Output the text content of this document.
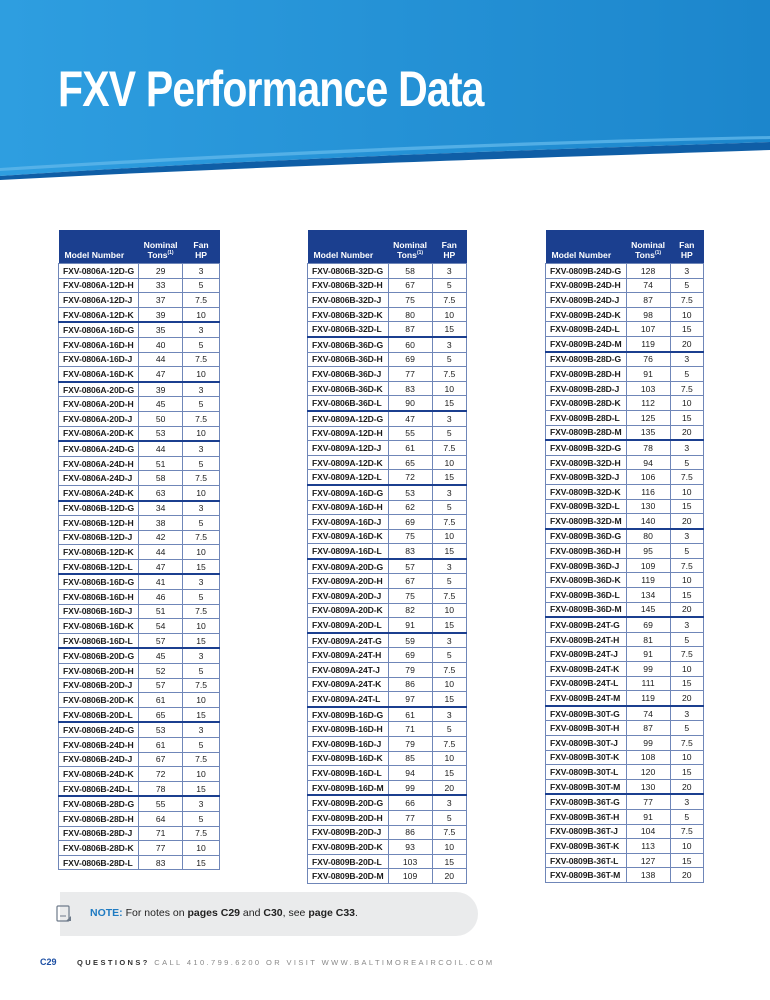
FXV Performance Data
Model Number	Nominal
Tons$^{(1)}$	Fan HP
FXV-0806A-12D-G	29	3
FXV-0806A-12D-H	33	5
FXV-0806A-12D-J	37	7.5
FXV-0806A-12D-K	39	10
FXV-0806A-16D-G	35	3
FXV-0806A-16D-H	40	5
FXV-0806A-16D-J	44	7.5
FXV-0806A-16D-K	47	10
FXV-0806A-20D-G	39	3
FXV-0806A-20D-H	45	5
FXV-0806A-20D-J	50	7.5
FXV-0806A-20D-K	53	10
FXV-0806A-24D-G	44	3
FXV-0806A-24D-H	51	5
FXV-0806A-24D-J	58	7.5
FXV-0806A-24D-K	63	10
FXV-0806B-12D-G	34	3
FXV-0806B-12D-H	38	5
FXV-0806B-12D-J	42	7.5
FXV-0806B-12D-K	44	10
FXV-0806B-12D-L	47	15
FXV-0806B-16D-G	41	3
FXV-0806B-16D-H	46	5
FXV-0806B-16D-J	51	7.5
FXV-0806B-16D-K	54	10
FXV-0806B-16D-L	57	15
FXV-0806B-20D-G	45	3
FXV-0806B-20D-H	52	5
FXV-0806B-20D-J	57	7.5
FXV-0806B-20D-K	61	10
FXV-0806B-20D-L	65	15
FXV-0806B-24D-G	53	3
FXV-0806B-24D-H	61	5
FXV-0806B-24D-J	67	7.5
FXV-0806B-24D-K	72	10
FXV-0806B-24D-L	78	15
FXV-0806B-28D-G	55	3
FXV-0806B-28D-H	64	5
FXV-0806B-28D-J	71	7.5
FXV-0806B-28D-K	77	10
FXV-0806B-28D-L	83	15
Model Number	Nominal
Tons$^{(1)}$	Fan HP
FXV-0806B-32D-G	58	3
FXV-0806B-32D-H	67	5
FXV-0806B-32D-J	75	7.5
FXV-0806B-32D-K	80	10
FXV-0806B-32D-L	87	15
FXV-0806B-36D-G	60	3
FXV-0806B-36D-H	69	5
FXV-0806B-36D-J	77	7.5
FXV-0806B-36D-K	83	10
FXV-0806B-36D-L	90	15
FXV-0809A-12D-G	47	3
FXV-0809A-12D-H	55	5
FXV-0809A-12D-J	61	7.5
FXV-0809A-12D-K	65	10
FXV-0809A-12D-L	72	15
FXV-0809A-16D-G	53	3
FXV-0809A-16D-H	62	5
FXV-0809A-16D-J	69	7.5
FXV-0809A-16D-K	75	10
FXV-0809A-16D-L	83	15
FXV-0809A-20D-G	57	3
FXV-0809A-20D-H	67	5
FXV-0809A-20D-J	75	7.5
FXV-0809A-20D-K	82	10
FXV-0809A-20D-L	91	15
FXV-0809A-24T-G	59	3
FXV-0809A-24T-H	69	5
FXV-0809A-24T-J	79	7.5
FXV-0809A-24T-K	86	10
FXV-0809A-24T-L	97	15
FXV-0809B-16D-G	61	3
FXV-0809B-16D-H	71	5
FXV-0809B-16D-J	79	7.5
FXV-0809B-16D-K	85	10
FXV-0809B-16D-L	94	15
FXV-0809B-16D-M	99	20
FXV-0809B-20D-G	66	3
FXV-0809B-20D-H	77	5
FXV-0809B-20D-J	86	7.5
FXV-0809B-20D-K	93	10
FXV-0809B-20D-L	103	15
FXV-0809B-20D-M	109	20
Model Number	Nominal
Tons$^{(1)}$	Fan HP
FXV-0809B-24D-G	128	3
FXV-0809B-24D-H	74	5
FXV-0809B-24D-J	87	7.5
FXV-0809B-24D-K	98	10
FXV-0809B-24D-L	107	15
FXV-0809B-24D-M	119	20
FXV-0809B-28D-G	76	3
FXV-0809B-28D-H	91	5
FXV-0809B-28D-J	103	7.5
FXV-0809B-28D-K	112	10
FXV-0809B-28D-L	125	15
FXV-0809B-28D-M	135	20
FXV-0809B-32D-G	78	3
FXV-0809B-32D-H	94	5
FXV-0809B-32D-J	106	7.5
FXV-0809B-32D-K	116	10
FXV-0809B-32D-L	130	15
FXV-0809B-32D-M	140	20
FXV-0809B-36D-G	80	3
FXV-0809B-36D-H	95	5
FXV-0809B-36D-J	109	7.5
FXV-0809B-36D-K	119	10
FXV-0809B-36D-L	134	15
FXV-0809B-36D-M	145	20
FXV-0809B-24T-G	69	3
FXV-0809B-24T-H	81	5
FXV-0809B-24T-J	91	7.5
FXV-0809B-24T-K	99	10
FXV-0809B-24T-L	111	15
FXV-0809B-24T-M	119	20
FXV-0809B-30T-G	74	3
FXV-0809B-30T-H	87	5
FXV-0809B-30T-J	99	7.5
FXV-0809B-30T-K	108	10
FXV-0809B-30T-L	120	15
FXV-0809B-30T-M	130	20
FXV-0809B-36T-G	77	3
FXV-0809B-36T-H	91	5
FXV-0809B-36T-J	104	7.5
FXV-0809B-36T-K	113	10
FXV-0809B-36T-L	127	15
FXV-0809B-36T-M	138	20
NOTE: For notes on pages C29 and C30, see page C33.
C29	QUESTIONS? CALL 410.799.6200 OR VISIT WWW.BALTIMOREAIRCOIL.COM
